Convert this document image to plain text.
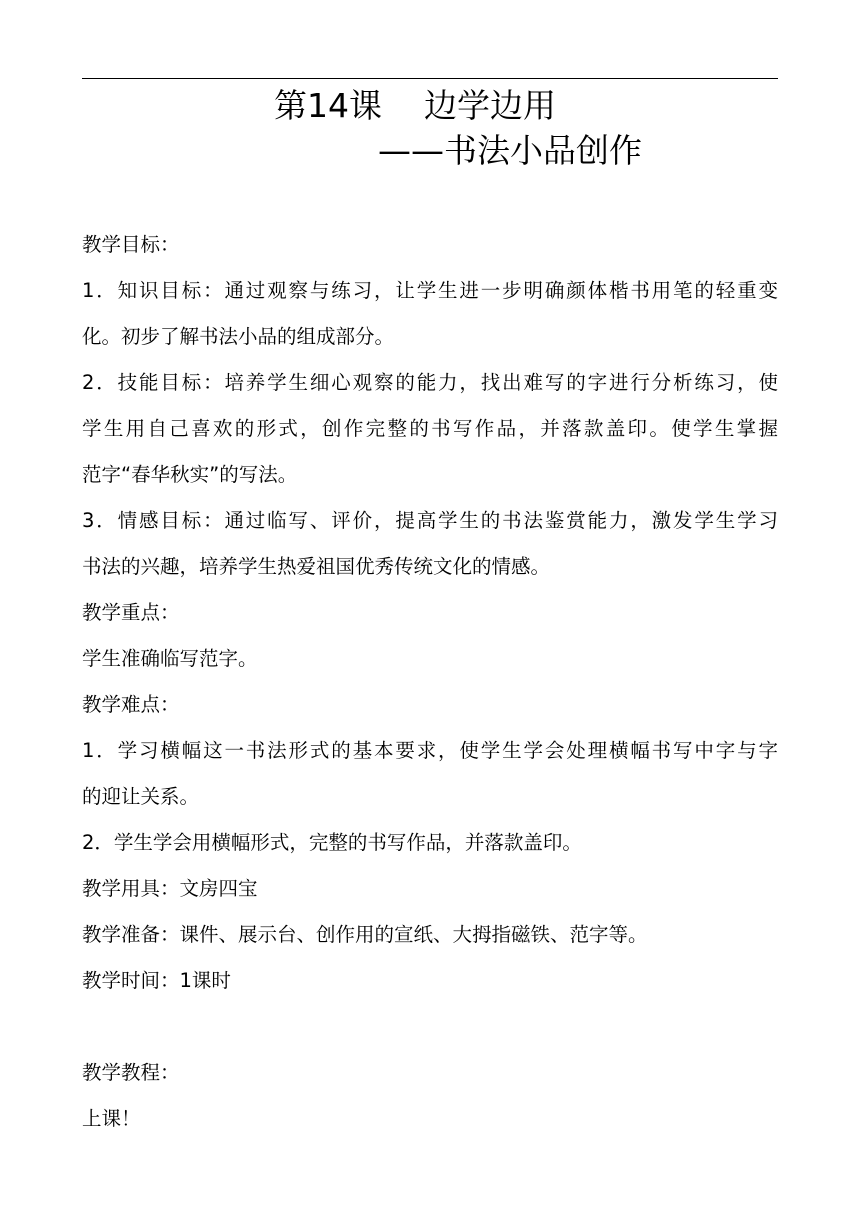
第14课    边学边用
——书法小品创作
教学目标：
1．知识目标：通过观察与练习，让学生进一步明确颜体楷书用笔的轻重变
化。初步了解书法小品的组成部分。
2．技能目标：培养学生细心观察的能力，找出难写的字进行分析练习，使
学生用自己喜欢的形式，创作完整的书写作品，并落款盖印。使学生掌握
范字“春华秋实”的写法。
3．情感目标：通过临写、评价，提高学生的书法鉴赏能力，激发学生学习
书法的兴趣，培养学生热爱祖国优秀传统文化的情感。
教学重点：
学生准确临写范字。
教学难点：
1．学习横幅这一书法形式的基本要求，使学生学会处理横幅书写中字与字
的迎让关系。
2．学生学会用横幅形式，完整的书写作品，并落款盖印。
教学用具：文房四宝
教学准备：课件、展示台、创作用的宣纸、大拇指磁铁、范字等。
教学时间：1课时
教学教程：
上课！
